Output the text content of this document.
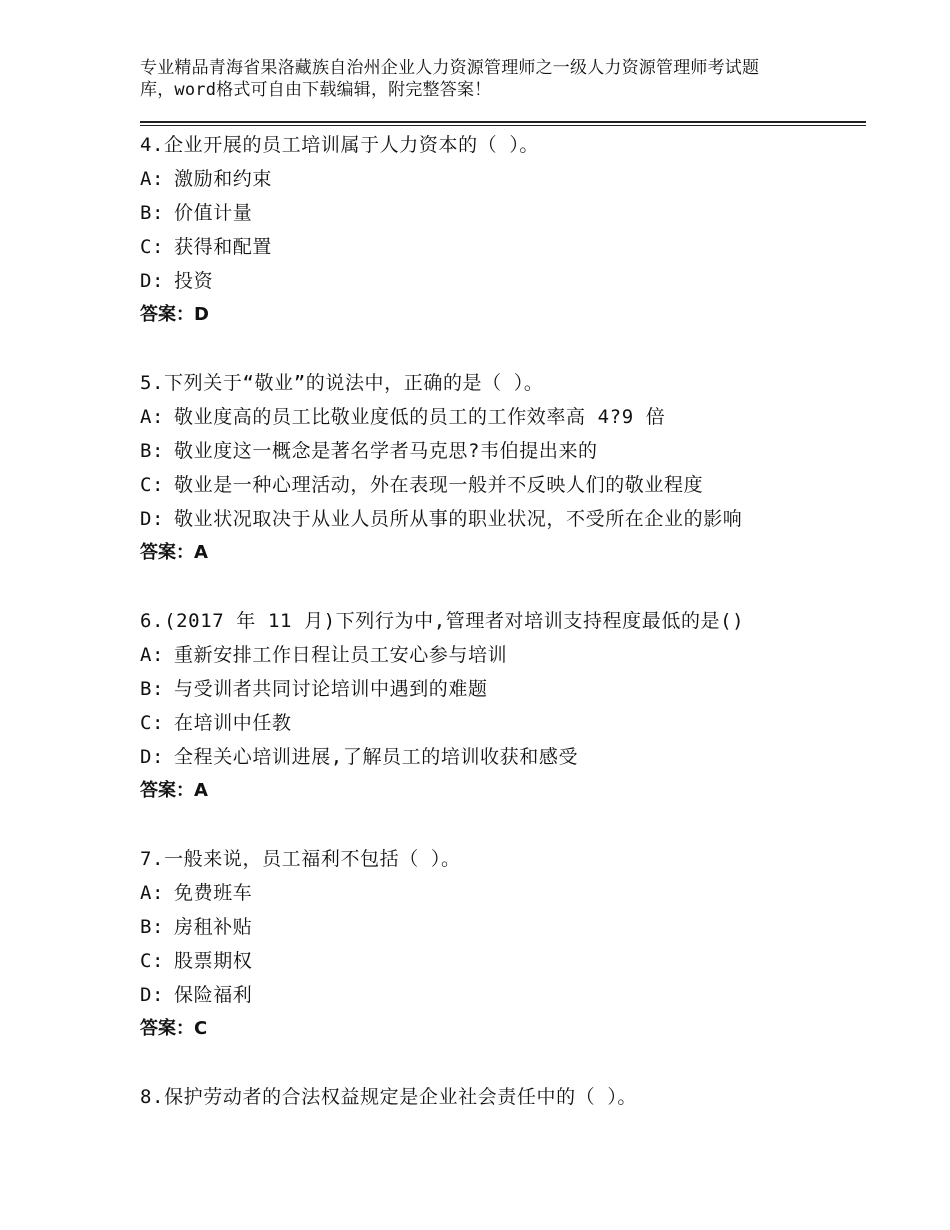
专业精品青海省果洛藏族自治州企业人力资源管理师之一级人力资源管理师考试题
库，word格式可自由下载编辑，附完整答案！
4.企业开展的员工培训属于人力资本的（ ）。
A: 激励和约束
B: 价值计量
C: 获得和配置
D: 投资
答案：D
5.下列关于“敬业”的说法中，正确的是（ ）。
A: 敬业度高的员工比敬业度低的员工的工作效率高 4?9 倍
B: 敬业度这一概念是著名学者马克思?韦伯提出来的
C: 敬业是一种心理活动，外在表现一般并不反映人们的敬业程度
D: 敬业状况取决于从业人员所从事的职业状况，不受所在企业的影响
答案：A
6.(2017 年 11 月)下列行为中,管理者对培训支持程度最低的是()
A: 重新安排工作日程让员工安心参与培训
B: 与受训者共同讨论培训中遇到的难题
C: 在培训中任教
D: 全程关心培训进展,了解员工的培训收获和感受
答案：A
7.一般来说，员工福利不包括（ ）。
A: 免费班车
B: 房租补贴
C: 股票期权
D: 保险福利
答案：C
8.保护劳动者的合法权益规定是企业社会责任中的（ ）。
